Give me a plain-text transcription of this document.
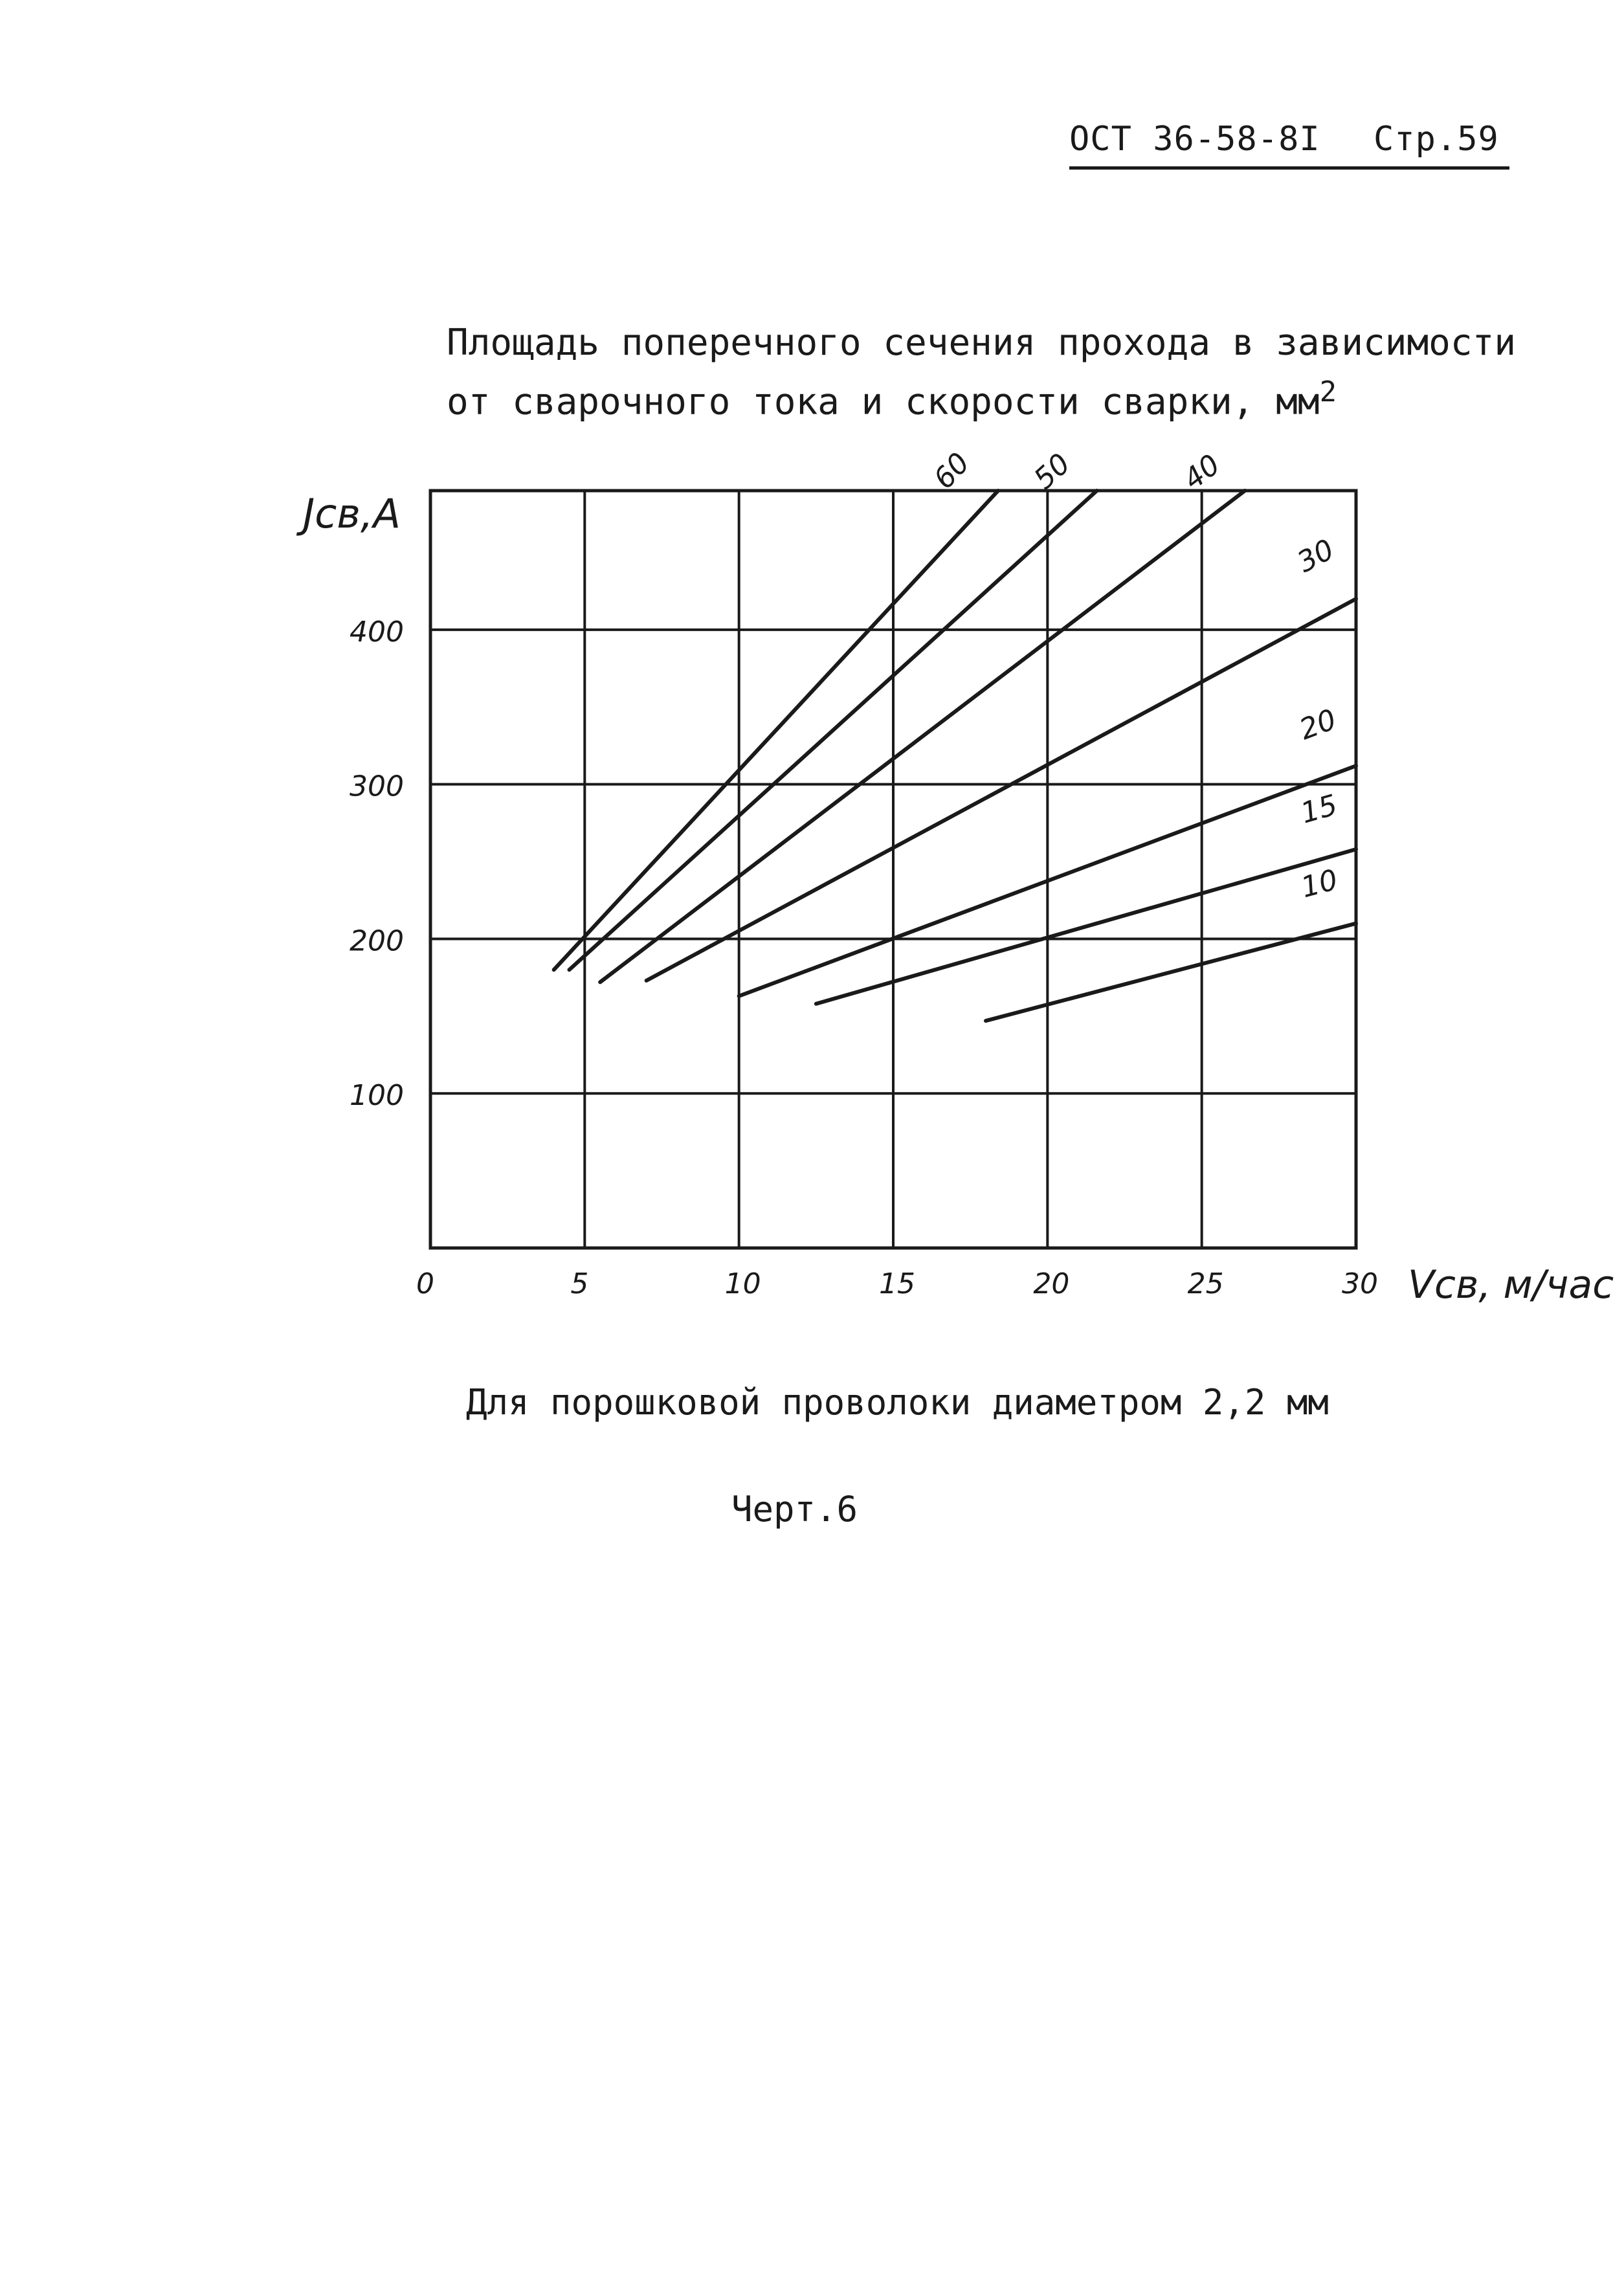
ОСТ 36-58-8I Стр.59
Площадь поперечного сечения прохода в зависимости
от сварочного тока и скорости сварки, $мм^2$
60 50	40
30
20
15
10
0	5	10	15	20	25	30
100
200
300
400
Jсв,A
Vсв, м/час
Для порошковой проволоки диаметром 2,2 мм
Черт.6
